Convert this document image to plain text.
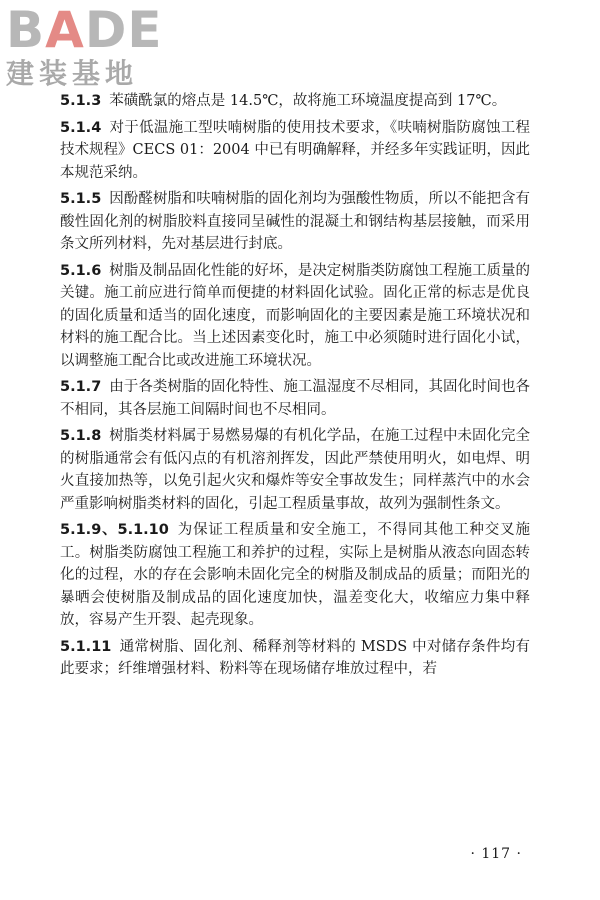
BADE
建装基地

5.1.3 苯磺酰氯的熔点是 14.5℃，故将施工环境温度提高到 17℃。

5.1.4 对于低温施工型呋喃树脂的使用技术要求，《呋喃树脂防腐蚀工程技术规程》CECS 01：2004 中已有明确解释，并经多年实践证明，因此本规范采纳。

5.1.5 因酚醛树脂和呋喃树脂的固化剂均为强酸性物质，所以不能把含有酸性固化剂的树脂胶料直接同呈碱性的混凝土和钢结构基层接触，而采用条文所列材料，先对基层进行封底。

5.1.6 树脂及制品固化性能的好坏，是决定树脂类防腐蚀工程施工质量的关键。施工前应进行简单而便捷的材料固化试验。固化正常的标志是优良的固化质量和适当的固化速度，而影响固化的主要因素是施工环境状况和材料的施工配合比。当上述因素变化时，施工中必须随时进行固化小试，以调整施工配合比或改进施工环境状况。

5.1.7 由于各类树脂的固化特性、施工温湿度不尽相同，其固化时间也各不相同，其各层施工间隔时间也不尽相同。

5.1.8 树脂类材料属于易燃易爆的有机化学品，在施工过程中未固化完全的树脂通常会有低闪点的有机溶剂挥发，因此严禁使用明火，如电焊、明火直接加热等，以免引起火灾和爆炸等安全事故发生；同样蒸汽中的水会严重影响树脂类材料的固化，引起工程质量事故，故列为强制性条文。

5.1.9、5.1.10 为保证工程质量和安全施工，不得同其他工种交叉施工。树脂类防腐蚀工程施工和养护的过程，实际上是树脂从液态向固态转化的过程，水的存在会影响未固化完全的树脂及制成品的质量；而阳光的暴晒会使树脂及制成品的固化速度加快，温差变化大，收缩应力集中释放，容易产生开裂、起壳现象。

5.1.11 通常树脂、固化剂、稀释剂等材料的 MSDS 中对储存条件均有此要求；纤维增强材料、粉料等在现场储存堆放过程中，若

· 117 ·
